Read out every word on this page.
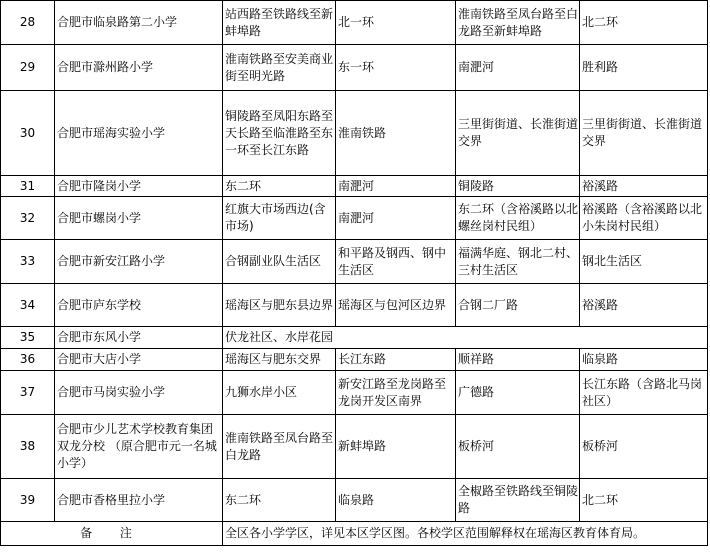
28	合肥市临泉路第二小学	站西路至铁路线至新蚌埠路	北一环	淮南铁路至凤台路至白龙路至新蚌埠路	北二环
29	合肥市滁州路小学	淮南铁路至安美商业街至明光路	东一环	南淝河	胜利路
30	合肥市瑶海实验小学	铜陵路至凤阳东路至天长路至临淮路至东一环至长江东路	淮南铁路	三里街街道、长淮街道交界	三里街街道、长淮街道交界
31	合肥市隆岗小学	东二环	南淝河	铜陵路	裕溪路
32	合肥市螺岗小学	红旗大市场西边(含市场)	南淝河	东二环（含裕溪路以北螺丝岗村民组）	裕溪路（含裕溪路以北小朱岗村民组）
33	合肥市新安江路小学	合钢副业队生活区	和平路及钢西、钢中生活区	福满华庭、钢北二村、三村生活区	钢北生活区
34	合肥市庐东学校	瑶海区与肥东县边界	瑶海区与包河区边界	合钢二厂路	裕溪路
35	合肥市东风小学	伏龙社区、水岸花园			
36	合肥市大店小学	瑶海区与肥东交界	长江东路	顺祥路	临泉路
37	合肥市马岗实验小学	九狮水岸小区	新安江路至龙岗路至龙岗开发区南界	广德路	长江东路（含路北马岗社区）
38	合肥市少儿艺术学校教育集团双龙分校 （原合肥市元一名城小学）	淮南铁路至凤台路至白龙路	新蚌埠路	板桥河	板桥河
39	合肥市香格里拉小学	东二环	临泉路	全椒路至铁路线至铜陵路	北二环
备 注		全区各小学学区，详见本区学区图。各校学区范围解释权在瑶海区教育体育局。			
